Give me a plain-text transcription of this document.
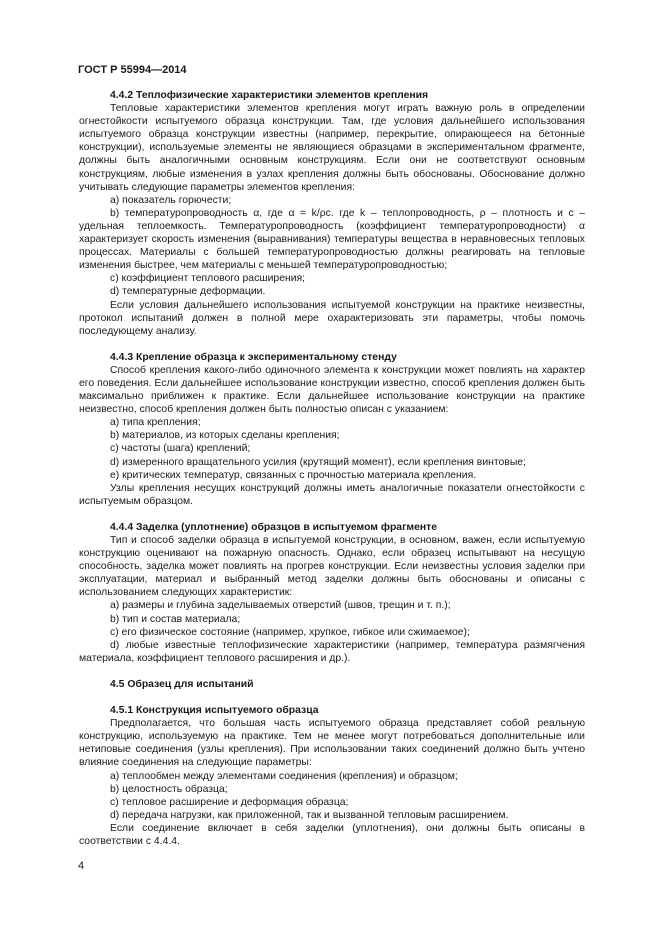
ГОСТ Р 55994—2014

4.4.2 Теплофизические характеристики элементов крепления

Тепловые характеристики элементов крепления могут играть важную роль в определении огнестойкости испытуемого образца конструкции. Там, где условия дальнейшего использования испытуемого образца конструкции известны (например, перекрытие, опирающееся на бетонные конструкции), используемые элементы не являющиеся образцами в экспериментальном фрагменте, должны быть аналогичными основным конструкциям. Если они не соответствуют основным конструкциям, любые изменения в узлах крепления должны быть обоснованы. Обоснование должно учитывать следующие параметры элементов крепления:

a) показатель горючести;

b) температуропроводность α, где α = k/ρc. где k – теплопроводность, ρ – плотность и c – удельная теплоемкость. Температуропроводность (коэффициент температуропроводности) α характеризует скорость изменения (выравнивания) температуры вещества в неравновесных тепловых процессах. Материалы с большей температуропроводностью должны реагировать на тепловые изменения быстрее, чем материалы с меньшей температуропроводностью;

c) коэффициент теплового расширения;

d) температурные деформации.

Если условия дальнейшего использования испытуемой конструкции на практике неизвестны, протокол испытаний должен в полной мере охарактеризовать эти параметры, чтобы помочь последующему анализу.

4.4.3 Крепление образца к экспериментальному стенду

Способ крепления какого-либо одиночного элемента к конструкции может повлиять на характер его поведения. Если дальнейшее использование конструкции известно, способ крепления должен быть максимально приближен к практике. Если дальнейшее использование конструкции на практике неизвестно, способ крепления должен быть полностью описан с указанием:

a) типа крепления;

b) материалов, из которых сделаны крепления;

c) частоты (шага) креплений;

d) измеренного вращательного усилия (крутящий момент), если крепления винтовые;

e) критических температур, связанных с прочностью материала крепления.

Узлы крепления несущих конструкций должны иметь аналогичные показатели огнестойкости с испытуемым образцом.

4.4.4 Заделка (уплотнение) образцов в испытуемом фрагменте

Тип и способ заделки образца в испытуемой конструкции, в основном, важен, если испытуемую конструкцию оценивают на пожарную опасность. Однако, если образец испытывают на несущую способность, заделка может повлиять на прогрев конструкции. Если неизвестны условия заделки при эксплуатации, материал и выбранный метод заделки должны быть обоснованы и описаны с использованием следующих характеристик:

a) размеры и глубина заделываемых отверстий (швов, трещин и т. п.);

b) тип и состав материала;

c) его физическое состояние (например, хрупкое, гибкое или сжимаемое);

d) любые известные теплофизические характеристики (например, температура размягчения материала, коэффициент теплового расширения и др.).

4.5 Образец для испытаний

4.5.1 Конструкция испытуемого образца

Предполагается, что большая часть испытуемого образца представляет собой реальную конструкцию, используемую на практике. Тем не менее могут потребоваться дополнительные или нетиповые соединения (узлы крепления). При использовании таких соединений должно быть учтено влияние соединения на следующие параметры:

a) теплообмен между элементами соединения (крепления) и образцом;

b) целостность образца;

c) тепловое расширение и деформация образца;

d) передача нагрузки, как приложенной, так и вызванной тепловым расширением.

Если соединение включает в себя заделки (уплотнения), они должны быть описаны в соответствии с 4.4.4.

4
